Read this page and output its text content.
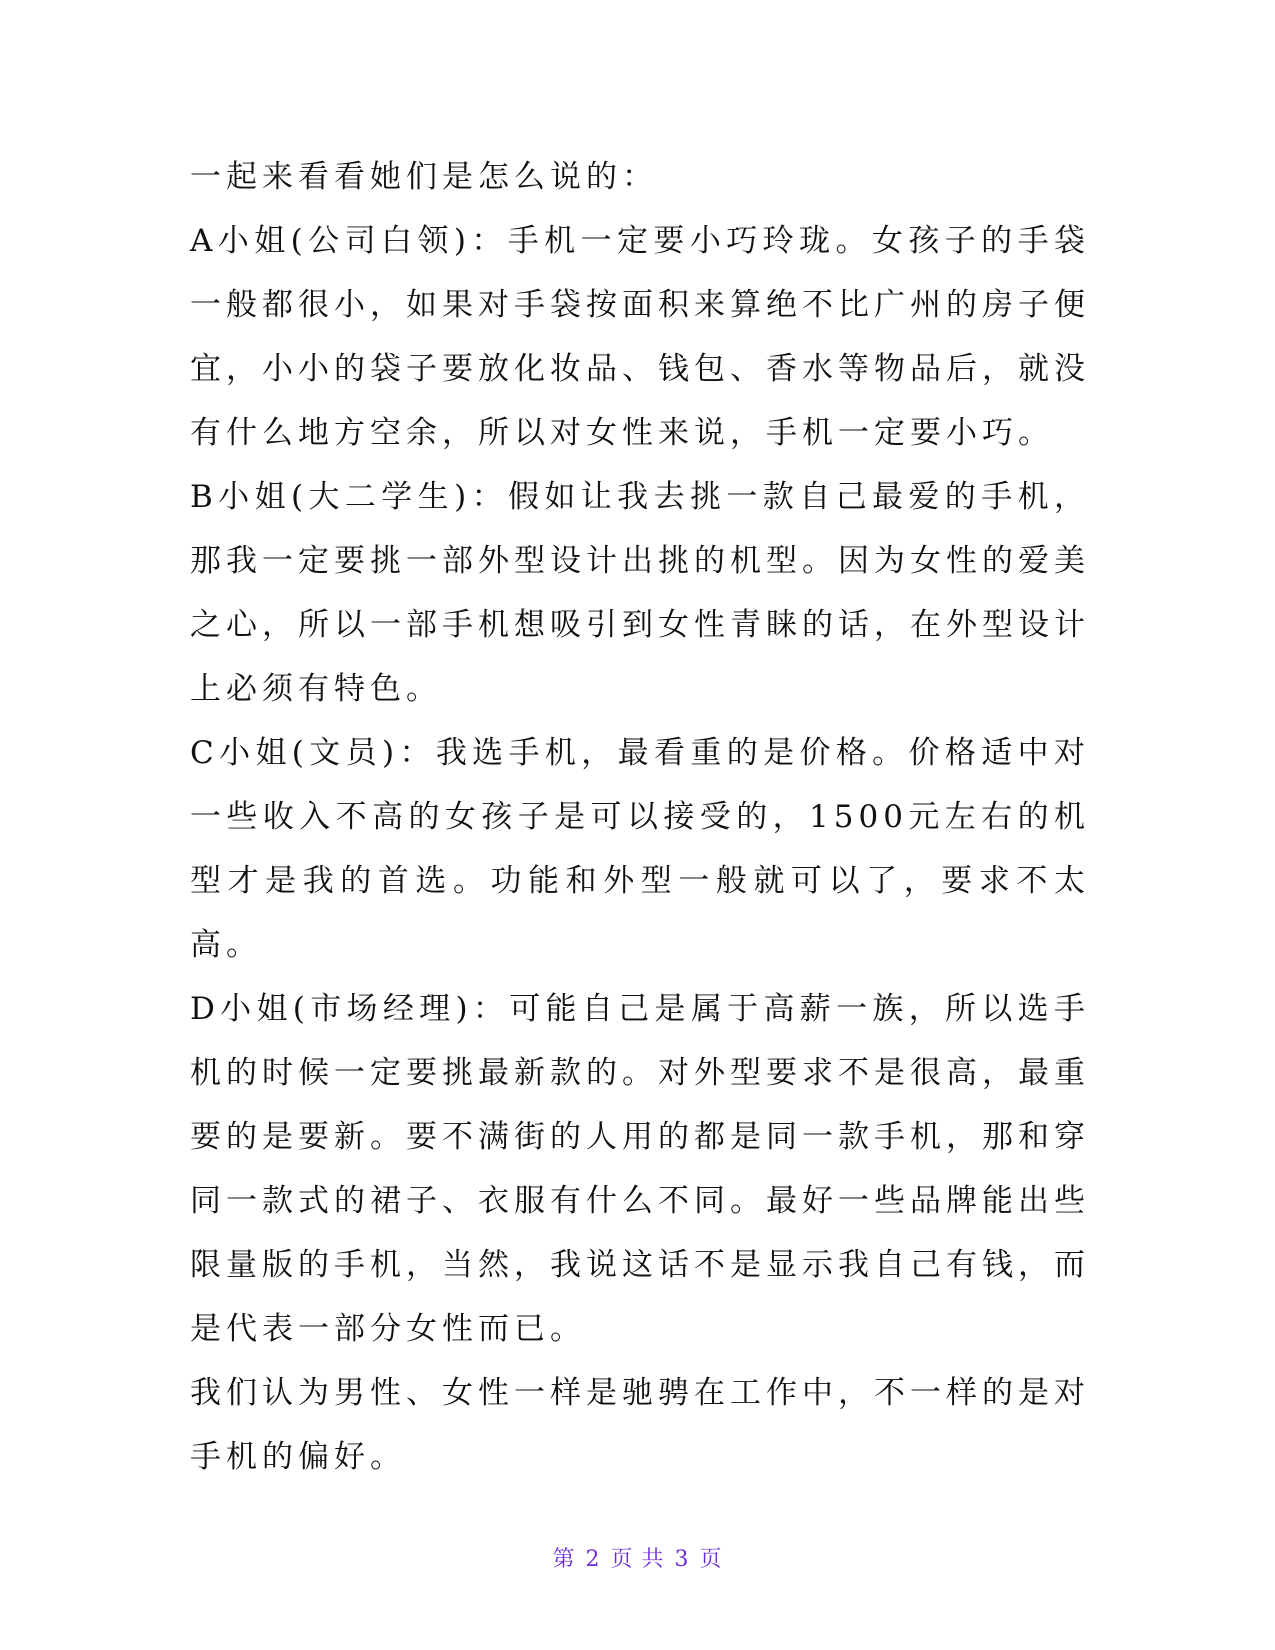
一起来看看她们是怎么说的：

A小姐(公司白领)：手机一定要小巧玲珑。女孩子的手袋一般都很小，如果对手袋按面积来算绝不比广州的房子便宜，小小的袋子要放化妆品、钱包、香水等物品后，就没有什么地方空余，所以对女性来说，手机一定要小巧。

B小姐(大二学生)：假如让我去挑一款自己最爱的手机，那我一定要挑一部外型设计出挑的机型。因为女性的爱美之心，所以一部手机想吸引到女性青睐的话，在外型设计上必须有特色。

C小姐(文员)：我选手机，最看重的是价格。价格适中对一些收入不高的女孩子是可以接受的，1500元左右的机型才是我的首选。功能和外型一般就可以了，要求不太高。

D小姐(市场经理)：可能自己是属于高薪一族，所以选手机的时候一定要挑最新款的。对外型要求不是很高，最重要的是要新。要不满街的人用的都是同一款手机，那和穿同一款式的裙子、衣服有什么不同。最好一些品牌能出些限量版的手机，当然，我说这话不是显示我自己有钱，而是代表一部分女性而已。

我们认为男性、女性一样是驰骋在工作中，不一样的是对手机的偏好。

第 2 页 共 3 页
